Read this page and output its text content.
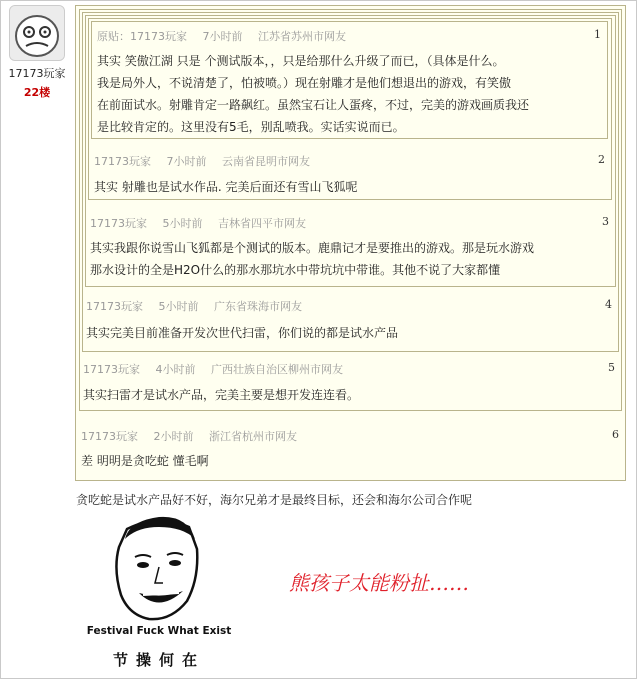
17173玩家
22楼
17173玩家 2小时前 浙江省杭州市网友	6
差 明明是贪吃蛇 懂毛啊
17173玩家 4小时前 广西壮族自治区柳州市网友	5
其实扫雷才是试水产品，完美主要是想开发连连看。
17173玩家 5小时前 广东省珠海市网友	4
其实完美目前准备开发次世代扫雷，你们说的都是试水产品
17173玩家 5小时前 吉林省四平市网友	3
其实我跟你说雪山飞狐都是个测试的版本。鹿鼎记才是要推出的游戏。那是玩水游戏
那水设计的全是H2O什么的那水那坑水中带坑坑中带谁。其他不说了大家都懂
17173玩家 7小时前 云南省昆明市网友	2
其实 射雕也是试水作品. 完美后面还有雪山飞狐呢
原贴：17173玩家 7小时前 江苏省苏州市网友	1
其实 笑傲江湖 只是 个测试版本，，只是给那什么升级了而已，（具体是什么。
我是局外人，不说清楚了，怕被喷。）现在射雕才是他们想退出的游戏，有笑傲
在前面试水。射雕肯定一路飙红。虽然宝石让人蛋疼，不过，完美的游戏画质我还
是比较肯定的。这里没有5毛，别乱喷我。实话实说而已。
贪吃蛇是试水产品好不好，海尔兄弟才是最终目标，还会和海尔公司合作呢
Festival Fuck What Exist
节操何在
熊孩子太能粉扯……
